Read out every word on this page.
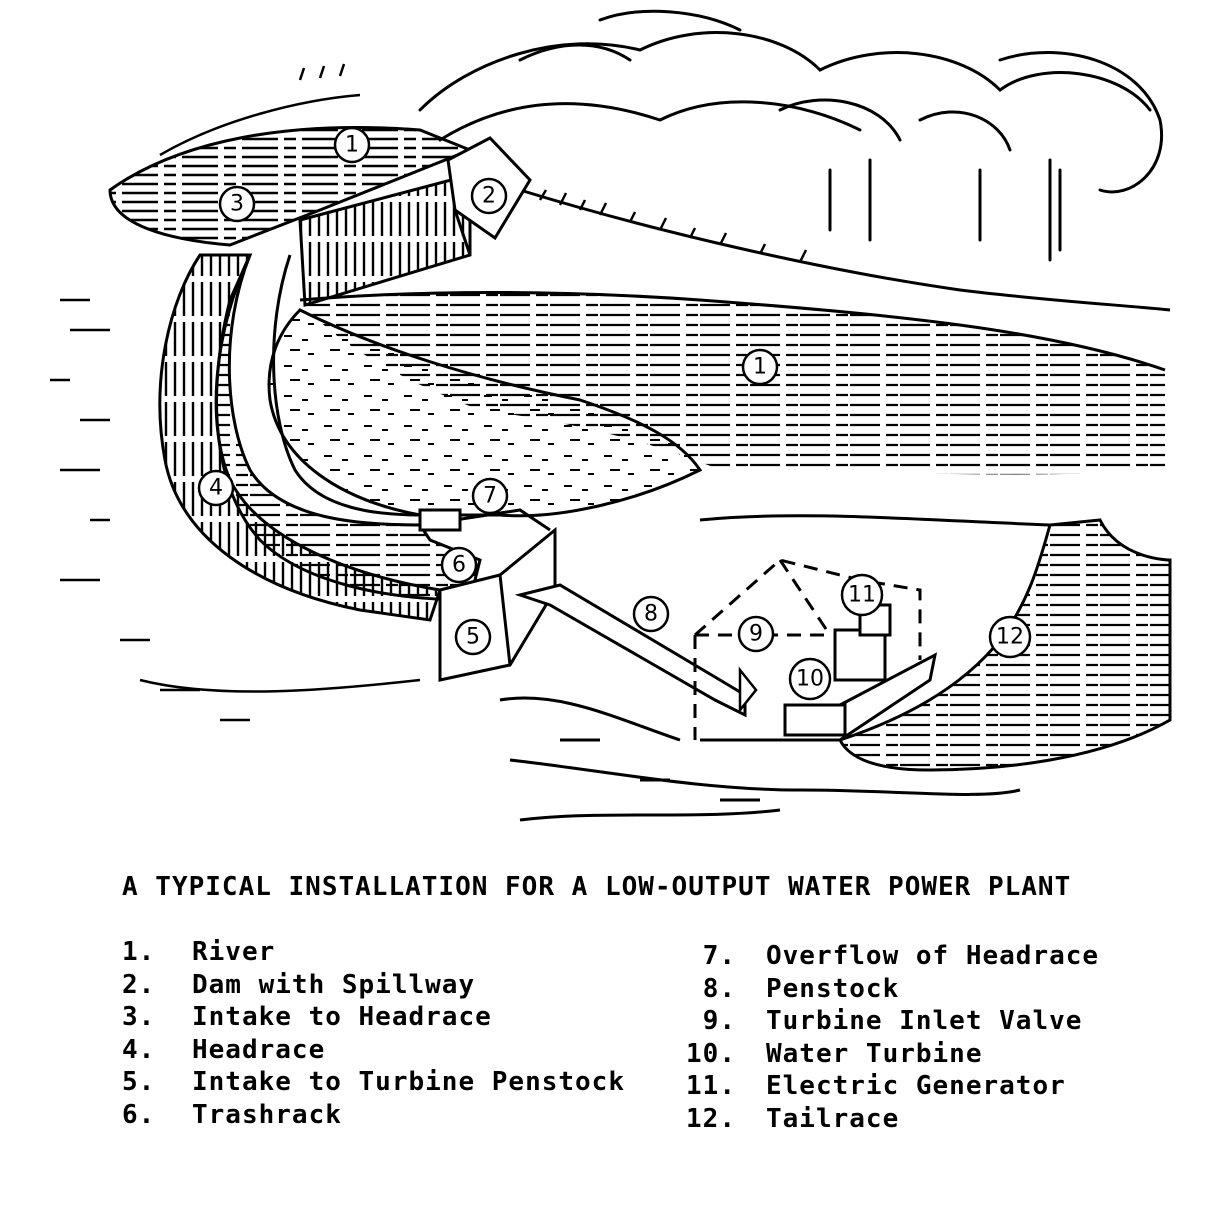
1
2
3
1
4	7
6
5
8
9
11
10
12
A TYPICAL INSTALLATION FOR A LOW-OUTPUT WATER POWER PLANT
1. River
2. Dam with Spillway
3. Intake to Headrace
4. Headrace
5. Intake to Turbine Penstock
6. Trashrack
7. Overflow of Headrace
8. Penstock
9. Turbine Inlet Valve
10. Water Turbine
11. Electric Generator
12. Tailrace
